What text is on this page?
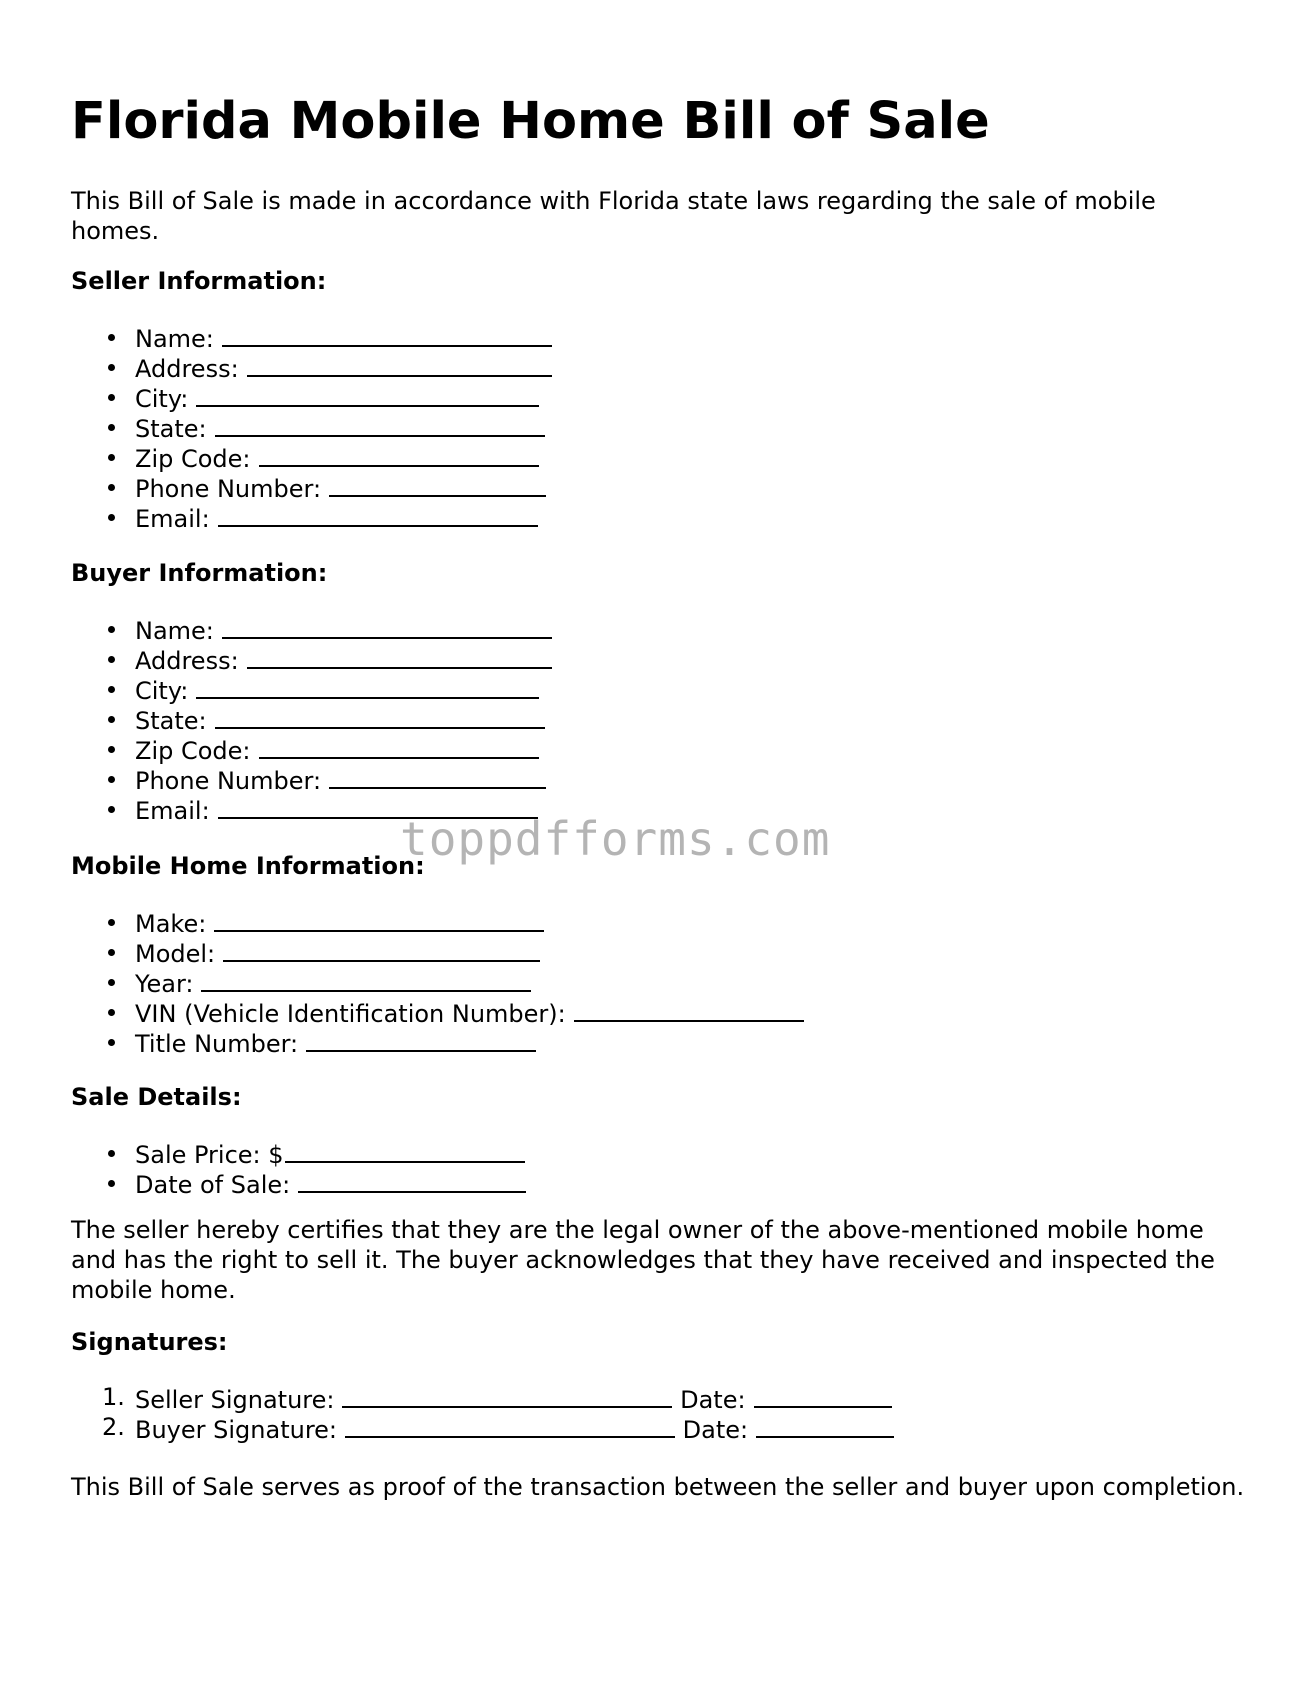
Florida Mobile Home Bill of Sale

This Bill of Sale is made in accordance with Florida state laws regarding the sale of mobile homes.

Seller Information:
Name:
Address:
City:
State:
Zip Code:
Phone Number:
Email:
Buyer Information:
Name:
Address:
City:
State:
Zip Code:
Phone Number:
Email:
Mobile Home Information:
Make:
Model:
Year:
VIN (Vehicle Identification Number):
Title Number:
Sale Details:
Sale Price: $
Date of Sale:

The seller hereby certifies that they are the legal owner of the above-mentioned mobile home and has the right to sell it. The buyer acknowledges that they have received and inspected the mobile home.

Signatures:
1. Seller Signature:	Date:
2. Buyer Signature:	Date:

This Bill of Sale serves as proof of the transaction between the seller and buyer upon completion.

toppdfforms.com
